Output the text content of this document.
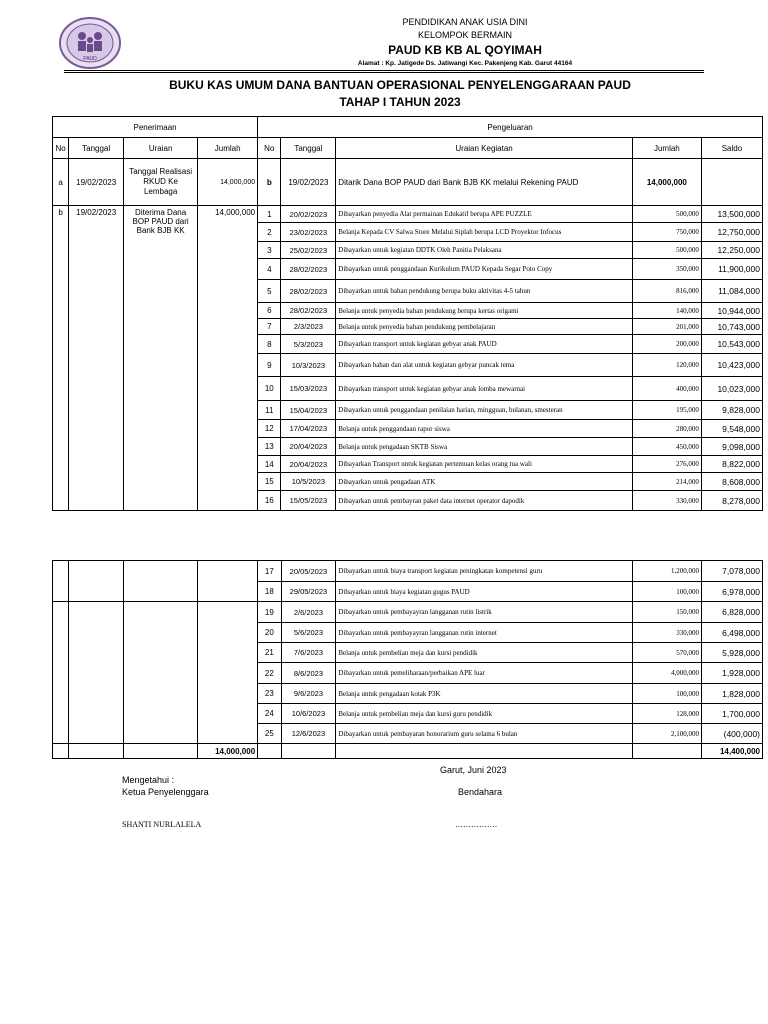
PAUD
PENDIDIKAN ANAK USIA DINI
KELOMPOK BERMAIN
PAUD KB KB AL QOYIMAH
Alamat : Kp. Jatigede Ds. Jatiwangi Kec. Pakenjeng Kab. Garut 44164
BUKU KAS UMUM DANA BANTUAN OPERASIONAL PENYELENGGARAAN PAUD
TAHAP I TAHUN 2023
Penerimaan				Pengeluaran				
No	Tanggal	Uraian	Jumlah	No	Tanggal	Uraian Kegiatan	Jumlah	Saldo
a	19/02/2023	Tanggal Realisasi RKUD Ke Lembaga	14,000,000	b	19/02/2023	Ditarik Dana BOP PAUD dari Bank BJB KK melalui Rekening PAUD	14,000,000	
b	19/02/2023	Diterima Dana BOP PAUD dari Bank BJB KK	14,000,000	1	20/02/2023	Dibayarkan penyedia Alat permainan Edukatif berupa APE PUZZLE	500,000	13,500,000
				2	23/02/2023	Belanja Kepada CV Salwa Store Melalui Siplah berupa LCD Proyektor Infocus	750,000	12,750,000
				3	25/02/2023	Dibayarkan untuk kegiatan DDTK Oleh Panitia Pelaksana	500,000	12,250,000
				4	28/02/2023	Dibayarkan untuk penggandaan Kurikulum PAUD Kepada Segar Poto Copy	350,000	11,900,000
				5	28/02/2023	Dibayarkan untuk bahan pendukung berupa buku aktivitas 4-5 tahun	816,000	11,084,000
				6	28/02/2023	Belanja untuk penyedia bahan pendukung berupa kertas origami	140,000	10,944,000
				7	2/3/2023	Belanja untuk penyedia bahan pendukung pembelajaran	201,000	10,743,000
				8	5/3/2023	Dibayarkan transport untuk kegiatan gebyar anak PAUD	200,000	10,543,000
				9	10/3/2023	Dibayarkan bahan dan alat untuk kegiatan gebyar puncak tema	120,000	10,423,000
				10	15/03/2023	Dibayarkan transport untuk kegiatan gebyar anak lomba mewarnai	400,000	10,023,000
				11	15/04/2023	Dibayarkan untuk penggandaan penilaian harian, mingguan, bulanan, smesteran	195,000	9,828,000
				12	17/04/2023	Belanja untuk penggandaan rapor siswa	280,000	9,548,000
				13	20/04/2023	Belanja untuk pengadaan SKTB Siswa	450,000	9,098,000
				14	20/04/2023	Dibayarkan Transport untuk kegiatan pertemuan kelas orang tua wali	276,000	8,822,000
				15	10/5/2023	Dibayarkan untuk pengadaan ATK	214,000	8,608,000
				16	15/05/2023	Dibayarkan untuk pembayran paket data internet operator dapodik	330,000	8,278,000
				17	20/05/2023	Dibayarkan untuk biaya transport kegiatan peningkatan kompetensi guru	1,200,000	7,078,000
				18	29/05/2023	Dibayarkan untuk biaya kegiatan gugus PAUD	100,000	6,978,000
				19	2/6/2023	Dibayarkan untuk pembayayran langganan rutin listrik	150,000	6,828,000
				20	5/6/2023	Dibayarkan untuk pembayayran langganan rutin internet	330,000	6,498,000
				21	7/6/2023	Belanja untuk pembelian meja dan kursi pendidik	570,000	5,928,000
				22	8/6/2023	Dibayarkan untuk pemeliharaan/perbaikan APE luar	4,000,000	1,928,000
				23	9/6/2023	Belanja untuk pengadaan kotak P3K	100,000	1,828,000
				24	10/6/2023	Belanja untuk pembelian meja dan kursi guru pendidik	128,000	1,700,000
				25	12/6/2023	Dibayarkan untuk pembayaran honorarium guru selama 6 bulan	2,100,000	(400,000)
			14,000,000					14,400,000
Garut, Juni 2023
Mengetahui :
Ketua Penyelenggara	Bendahara
SHANTI NURLALELA	…………….
